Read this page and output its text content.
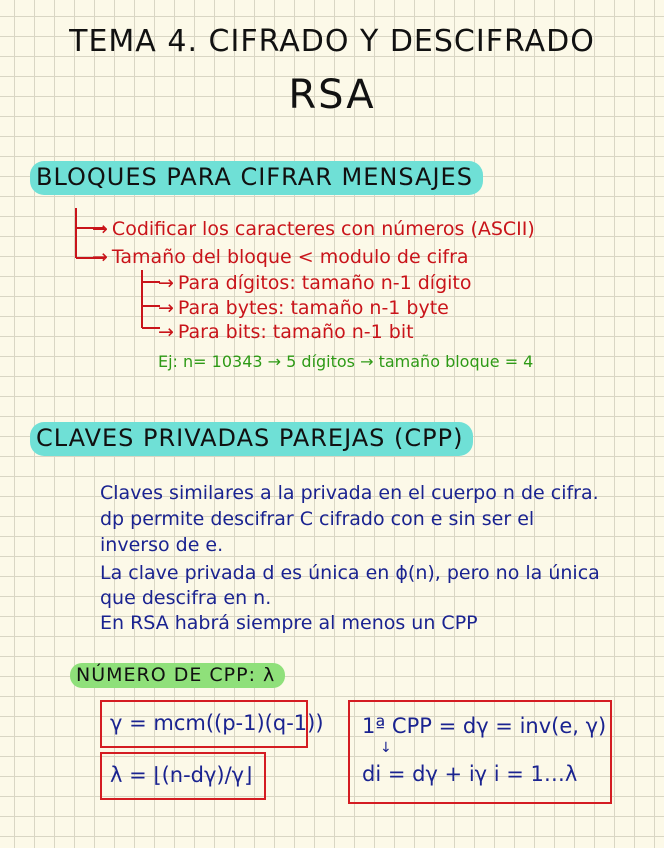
TEMA 4. CIFRADO Y DESCIFRADO
RSA
BLOQUES PARA CIFRAR MENSAJES
→ Codificar los caracteres con números (ASCII)
→ Tamaño del bloque < modulo de cifra
→ Para dígitos: tamaño n-1 dígito
→ Para bytes: tamaño n-1 byte
→ Para bits: tamaño n-1 bit
Ej: n= 10343 → 5 dígitos → tamaño bloque = 4
CLAVES PRIVADAS PAREJAS (CPP)
Claves similares a la privada en el cuerpo n de cifra.
dp permite descifrar C cifrado con e sin ser el
inverso de e.
La clave privada d es única en ϕ(n), pero no la única
que descifra en n.
En RSA habrá siempre al menos un CPP
NÚMERO DE CPP: λ
γ = mcm((p-1)(q-1))
λ = ⌊(n-dγ)/γ⌋
1ª CPP = dγ = inv(e, γ)
↓
di = dγ + iγ i = 1…λ
